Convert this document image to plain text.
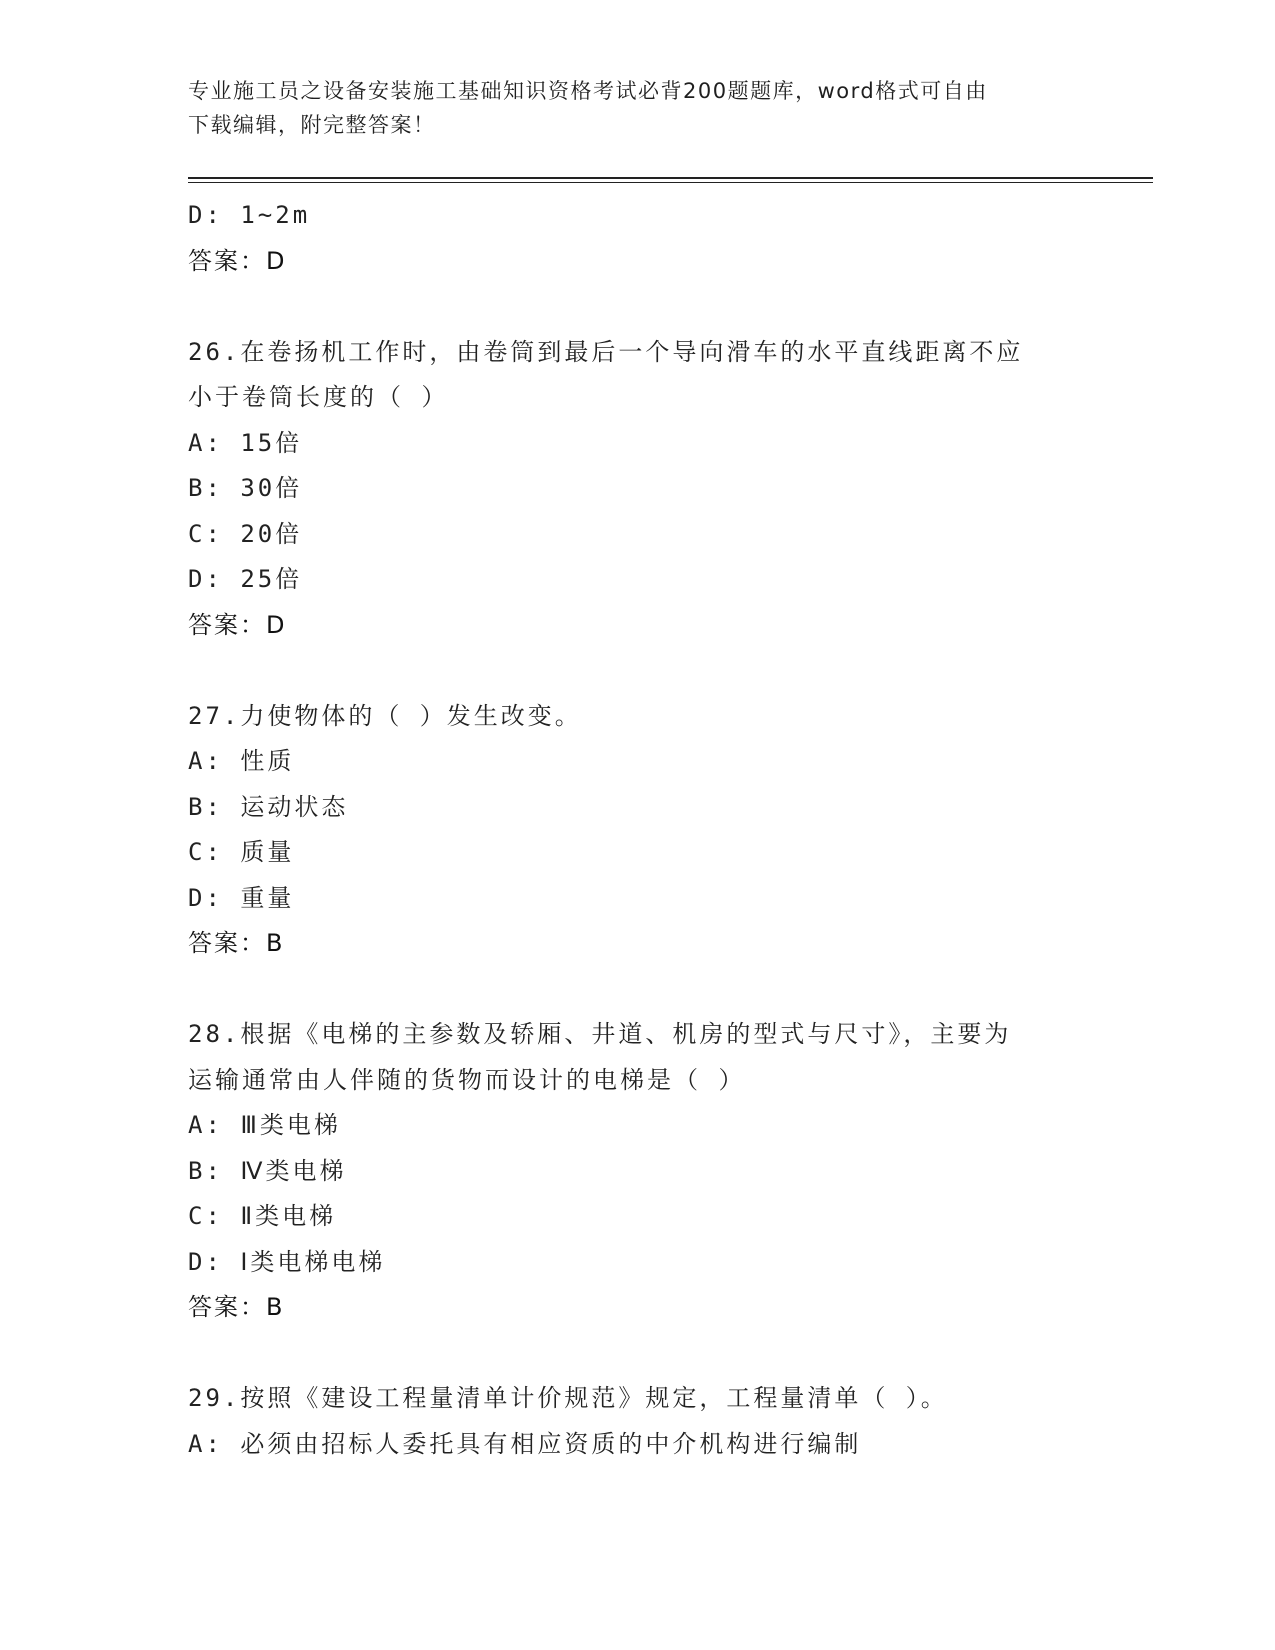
专业施工员之设备安装施工基础知识资格考试必背200题题库，word格式可自由
下载编辑，附完整答案！
D: 1~2m
答案：D
26.在卷扬机工作时，由卷筒到最后一个导向滑车的水平直线距离不应
小于卷筒长度的（ ）
A: 15倍
B: 30倍
C: 20倍
D: 25倍
答案：D
27.力使物体的（ ）发生改变。
A: 性质
B: 运动状态
C: 质量
D: 重量
答案：B
28.根据《电梯的主参数及轿厢、井道、机房的型式与尺寸》，主要为
运输通常由人伴随的货物而设计的电梯是（ ）
A: Ⅲ类电梯
B: Ⅳ类电梯
C: Ⅱ类电梯
D: Ⅰ类电梯电梯
答案：B
29.按照《建设工程量清单计价规范》规定，工程量清单（ ）。
A: 必须由招标人委托具有相应资质的中介机构进行编制
